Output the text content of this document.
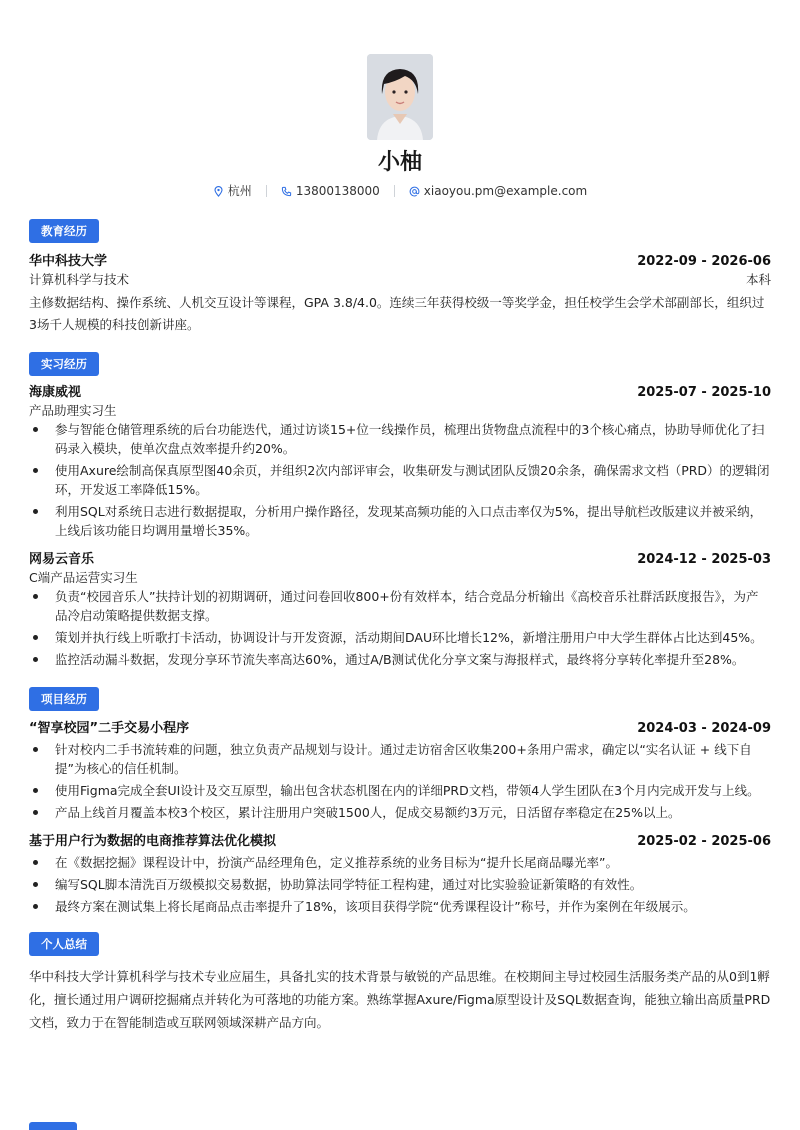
小柚
杭州	13800138000	xiaoyou.pm@example.com
教育经历
华中科技大学	2022-09 - 2026-06
计算机科学与技术	本科
主修数据结构、操作系统、人机交互设计等课程，GPA 3.8/4.0。连续三年获得校级一等奖学金，担任校学生会学术部副部长，组织过3场千人规模的科技创新讲座。
实习经历
海康威视	2025-07 - 2025-10
产品助理实习生
参与智能仓储管理系统的后台功能迭代，通过访谈15+位一线操作员，梳理出货物盘点流程中的3个核心痛点，协助导师优化了扫码录入模块，使单次盘点效率提升约20%。
使用Axure绘制高保真原型图40余页，并组织2次内部评审会，收集研发与测试团队反馈20余条，确保需求文档（PRD）的逻辑闭环，开发返工率降低15%。
利用SQL对系统日志进行数据提取，分析用户操作路径，发现某高频功能的入口点击率仅为5%，提出导航栏改版建议并被采纳，上线后该功能日均调用量增长35%。
网易云音乐	2024-12 - 2025-03
C端产品运营实习生
负责“校园音乐人”扶持计划的初期调研，通过问卷回收800+份有效样本，结合竞品分析输出《高校音乐社群活跃度报告》，为产品冷启动策略提供数据支撑。
策划并执行线上听歌打卡活动，协调设计与开发资源，活动期间DAU环比增长12%，新增注册用户中大学生群体占比达到45%。
监控活动漏斗数据，发现分享环节流失率高达60%，通过A/B测试优化分享文案与海报样式，最终将分享转化率提升至28%。
项目经历
“智享校园”二手交易小程序	2024-03 - 2024-09
针对校内二手书流转难的问题，独立负责产品规划与设计。通过走访宿舍区收集200+条用户需求，确定以“实名认证 + 线下自提”为核心的信任机制。
使用Figma完成全套UI设计及交互原型，输出包含状态机图在内的详细PRD文档，带领4人学生团队在3个月内完成开发与上线。
产品上线首月覆盖本校3个校区，累计注册用户突破1500人，促成交易额约3万元，日活留存率稳定在25%以上。
基于用户行为数据的电商推荐算法优化模拟	2025-02 - 2025-06
在《数据挖掘》课程设计中，扮演产品经理角色，定义推荐系统的业务目标为“提升长尾商品曝光率”。
编写SQL脚本清洗百万级模拟交易数据，协助算法同学特征工程构建，通过对比实验验证新策略的有效性。
最终方案在测试集上将长尾商品点击率提升了18%，该项目获得学院“优秀课程设计”称号，并作为案例在年级展示。
个人总结
华中科技大学计算机科学与技术专业应届生，具备扎实的技术背景与敏锐的产品思维。在校期间主导过校园生活服务类产品的从0到1孵化，擅长通过用户调研挖掘痛点并转化为可落地的功能方案。熟练掌握Axure/Figma原型设计及SQL数据查询，能独立输出高质量PRD文档，致力于在智能制造或互联网领域深耕产品方向。
